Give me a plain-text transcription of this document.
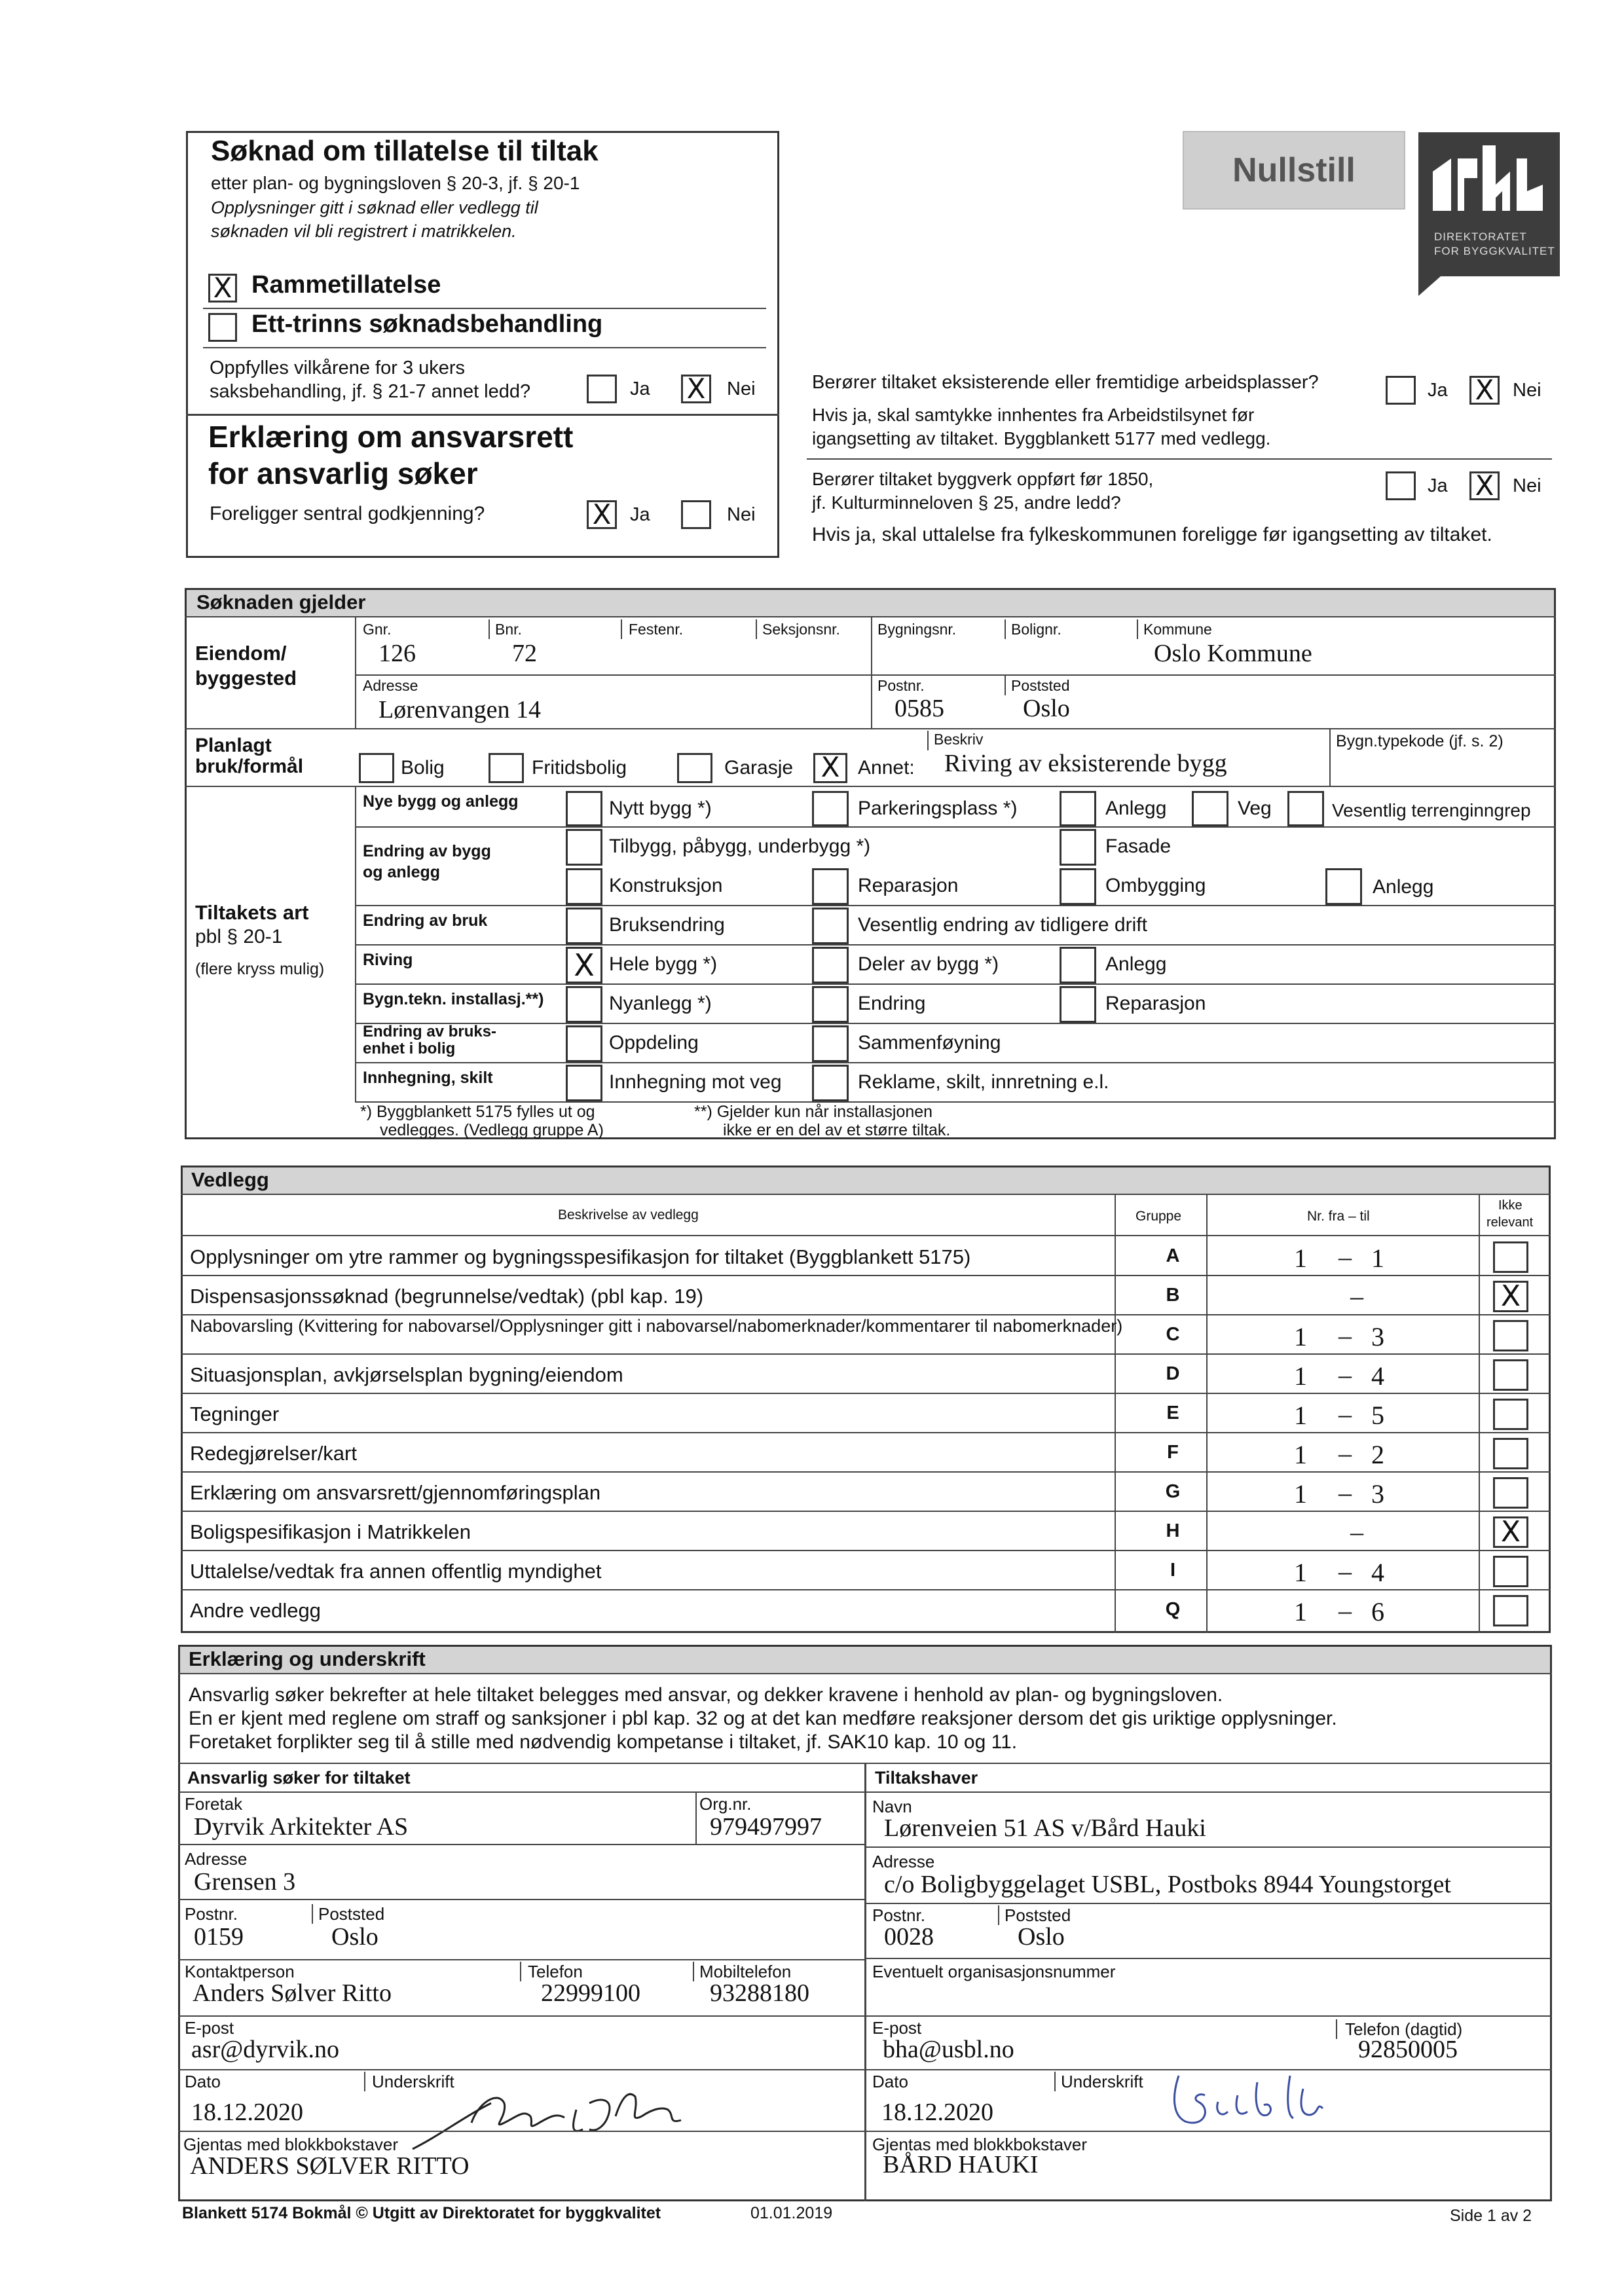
Søknad om tillatelse til tiltak
etter plan- og bygningsloven § 20-3, jf. § 20-1
Opplysninger gitt i søknad eller vedlegg til
søknaden vil bli registrert i matrikkelen.
X Rammetillatelse
Ett-trinns søknadsbehandling
Oppfylles vilkårene for 3 ukers
saksbehandling, jf. § 21-7 annet ledd?	Ja X Nei
Erklæring om ansvarsrett
for ansvarlig søker
Foreligger sentral godkjenning?	X Ja	Nei
Nullstill
DIREKTORATET
FOR BYGGKVALITET
Berører tiltaket eksisterende eller fremtidige arbeidsplasser?	Ja X Nei
Hvis ja, skal samtykke innhentes fra Arbeidstilsynet før
igangsetting av tiltaket. Byggblankett 5177 med vedlegg.
Berører tiltaket byggverk oppført før 1850,
jf. Kulturminneloven § 25, andre ledd?
Ja X Nei
Hvis ja, skal uttalelse fra fylkeskommunen foreligge før igangsetting av tiltaket.
Søknaden gjelder
Eiendom/
byggested
Gnr.
126
Bnr.
72
Festenr.	Seksjonsnr. Bygningsnr.	Bolignr.	Kommune
Oslo Kommune
Adresse
Lørenvangen 14
Postnr.
0585
Poststed
Oslo
Planlagt
bruk/formål
Beskriv
Bolig	Fritidsbolig	Garasje X Annet: Riving av eksisterende bygg
Bygn.typekode (jf. s. 2)
Tiltakets art
pbl § 20-1
(flere kryss mulig)
Nye bygg og anlegg	Nytt bygg *)	Parkeringsplass *)	Anlegg	Veg	Vesentlig terrenginngrep
Endring av bygg
og anlegg
Tilbygg, påbygg, underbygg *)	Fasade
Konstruksjon	Reparasjon	Ombygging	Anlegg
Endring av bruk	Bruksendring	Vesentlig endring av tidligere drift
Riving	X Hele bygg *)	Deler av bygg *)	Anlegg
Bygn.tekn. installasj.**)	Nyanlegg *)	Endring	Reparasjon
Endring av bruks-
enhet i bolig	Oppdeling	Sammenføyning
Innhegning, skilt	Innhegning mot veg	Reklame, skilt, innretning e.l.
*) Byggblankett 5175 fylles ut og
vedlegges. (Vedlegg gruppe A)
**) Gjelder kun når installasjonen
ikke er en del av et større tiltak.
Vedlegg
Beskrivelse av vedlegg	Gruppe	Nr. fra – til
Ikke
relevant
Opplysninger om ytre rammer og bygningsspesifikasjon for tiltaket (Byggblankett 5175)	A	1 – 1
Dispensasjonssøknad (begrunnelse/vedtak) (pbl kap. 19)	B	–	X
Nabovarsling (Kvittering for nabovarsel/Opplysninger gitt i nabovarsel/nabomerknader/kommentarer til nabomerknader)	C	1 – 3
Situasjonsplan, avkjørselsplan bygning/eiendom	D	1 – 4
Tegninger	E	1 – 5
Redegjørelser/kart	F	1 – 2
Erklæring om ansvarsrett/gjennomføringsplan	G	1 – 3
Boligspesifikasjon i Matrikkelen	H	–	X
Uttalelse/vedtak fra annen offentlig myndighet	I	1 – 4
Andre vedlegg	Q	1 – 6
Erklæring og underskrift
Ansvarlig søker bekrefter at hele tiltaket belegges med ansvar, og dekker kravene i henhold av plan- og bygningsloven.
En er kjent med reglene om straff og sanksjoner i pbl kap. 32 og at det kan medføre reaksjoner dersom det gis uriktige opplysninger.
Foretaket forplikter seg til å stille med nødvendig kompetanse i tiltaket, jf. SAK10 kap. 10 og 11.
Ansvarlig søker for tiltaket
Foretak
Dyrvik Arkitekter AS
Org.nr.
979497997
Adresse
Grensen 3
Postnr.
0159
Poststed
Oslo
Kontaktperson
Anders Sølver Ritto
Telefon
22999100
Mobiltelefon
93288180
E-post
asr@dyrvik.no
Dato
18.12.2020
Underskrift
Gjentas med blokkbokstaver
ANDERS SØLVER RITTO
Tiltakshaver
Navn
Lørenveien 51 AS v/Bård Hauki
Adresse
c/o Boligbyggelaget USBL, Postboks 8944 Youngstorget
Postnr.
0028
Poststed
Oslo
Eventuelt organisasjonsnummer
E-post
bha@usbl.no
Telefon (dagtid)
92850005
Dato
18.12.2020
Underskrift
Gjentas med blokkbokstaver
BÅRD HAUKI
Blankett 5174 Bokmål © Utgitt av Direktoratet for byggkvalitet	01.01.2019	Side 1 av 2
